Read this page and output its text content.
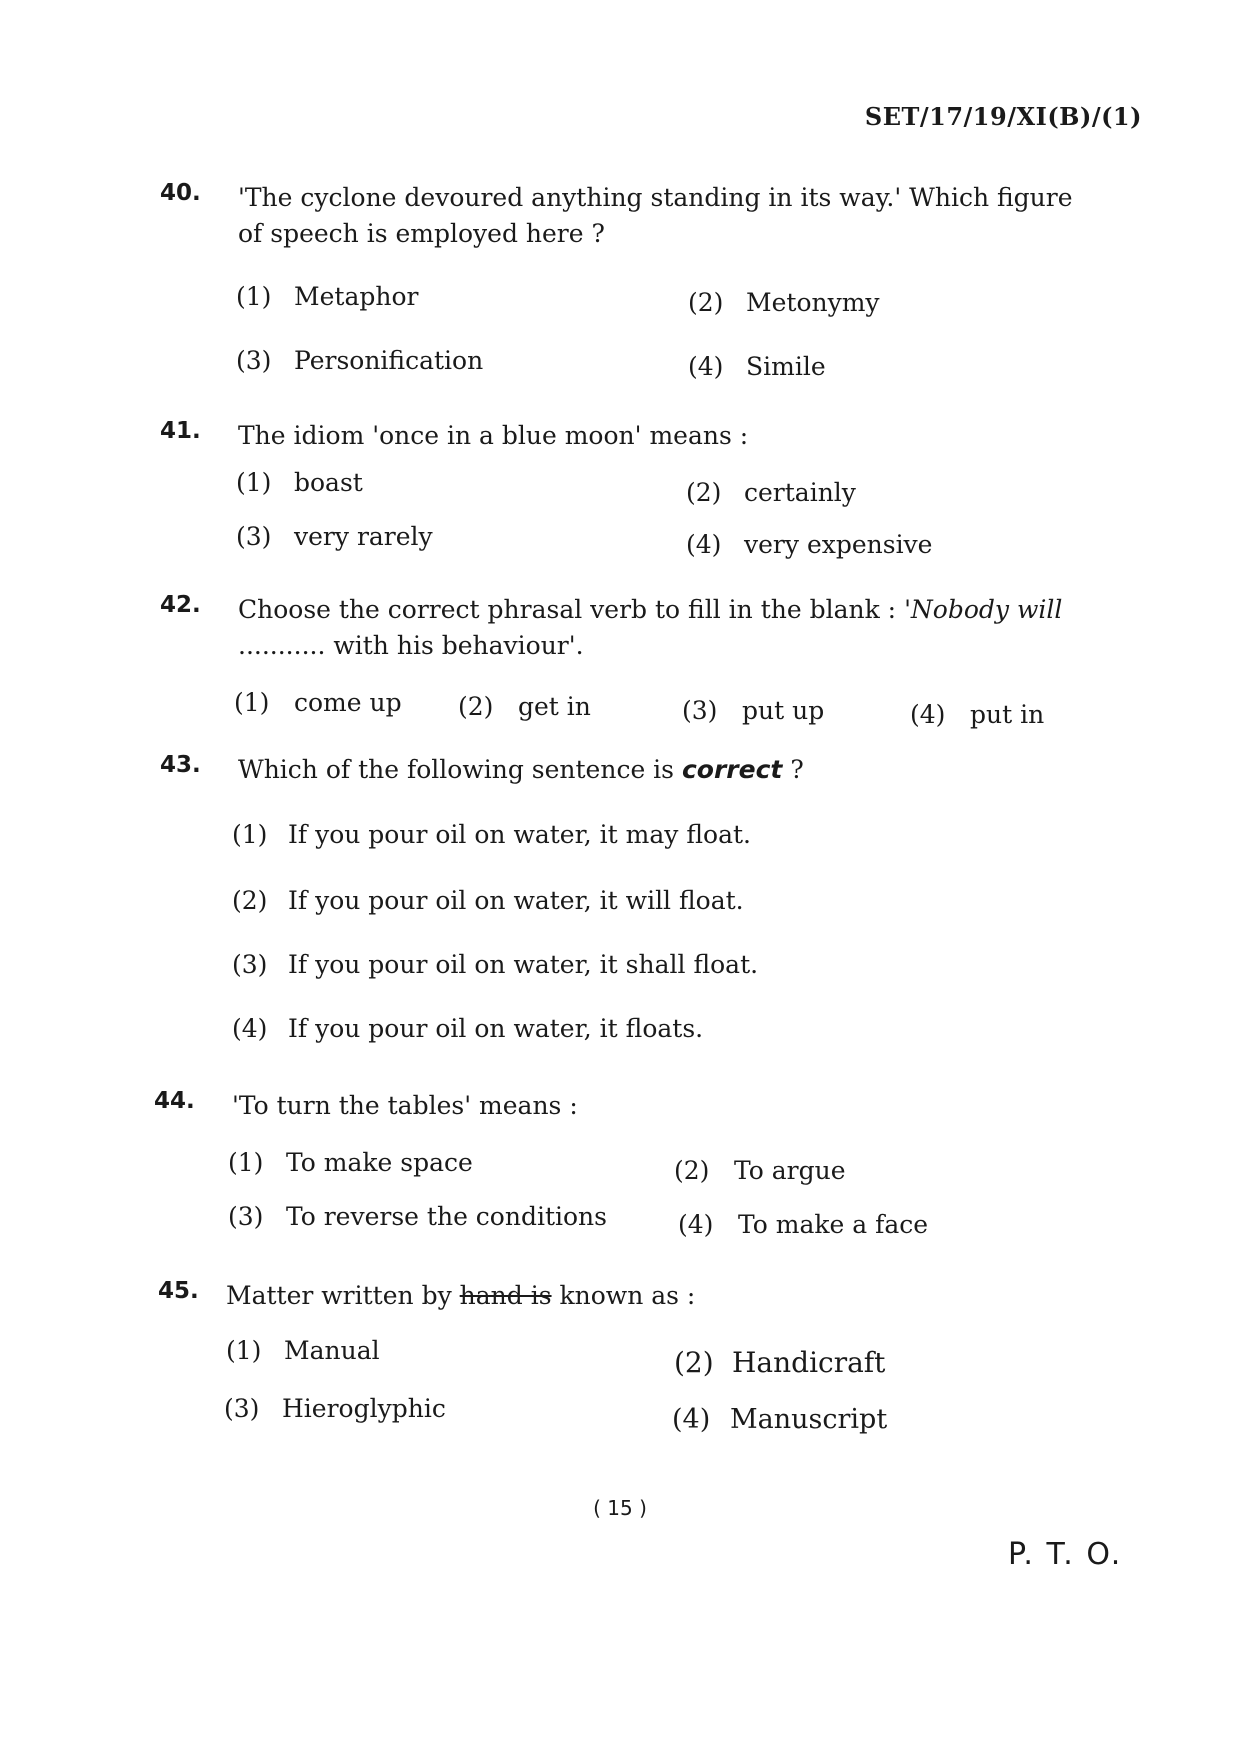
SET/17/19/XI(B)/(1)
40. 'The cyclone devoured anything standing in its way.' Which figure
of speech is employed here ?
(1) Metaphor	(2) Metonymy
(3) Personification	(4) Simile
41. The idiom 'once in a blue moon' means :
(1) boast	(2) certainly
(3) very rarely	(4) very expensive
42. Choose the correct phrasal verb to fill in the blank : 'Nobody will
........... with his behaviour'.
(1) come up (2) get in	(3) put up	(4) put in
43. Which of the following sentence is correct ?
(1) If you pour oil on water, it may float.
(2) If you pour oil on water, it will float.
(3) If you pour oil on water, it shall float.
(4) If you pour oil on water, it floats.
44. 'To turn the tables' means :
(1) To make space	(2) To argue
(3) To reverse the conditions	(4) To make a face
45. Matter written by hand is known as :
(1) Manual	(2) Handicraft
(3) Hieroglyphic	(4) Manuscript
( 15 )
P. T. O.
